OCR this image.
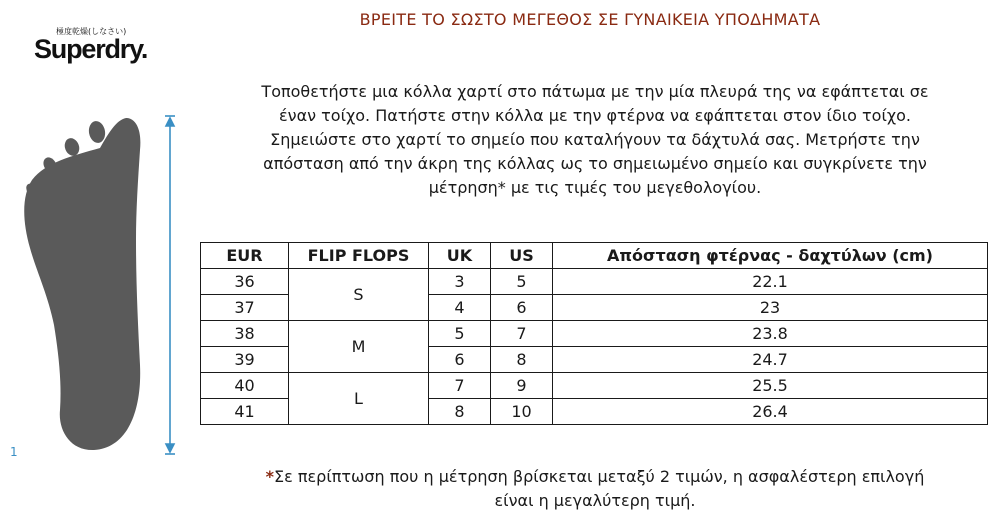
ΒΡΕΙΤΕ ΤΟ ΣΩΣΤΟ ΜΕΓΕΘΟΣ ΣΕ ΓΥΝΑΙΚΕΙΑ ΥΠΟΔΗΜΑΤΑ
極度乾燥(しなさい)
Superdry.
1
Τοποθετήστε μια κόλλα χαρτί στο πάτωμα με την μία πλευρά της να εφάπτεται σε
έναν τοίχο. Πατήστε στην κόλλα με την φτέρνα να εφάπτεται στον ίδιο τοίχο.
Σημειώστε στο χαρτί το σημείο που καταλήγουν τα δάχτυλά σας. Μετρήστε την
απόσταση από την άκρη της κόλλας ως το σημειωμένο σημείο και συγκρίνετε την
μέτρηση* με τις τιμές του μεγεθολογίου.
EUR	FLIP FLOPS	UK	US	Απόσταση φτέρνας - δαχτύλων (cm)
36	S	3	5	22.1
37		4	6	23
38	M	5	7	23.8
39		6	8	24.7
40	L	7	9	25.5
41		8	10	26.4
*Σε περίπτωση που η μέτρηση βρίσκεται μεταξύ 2 τιμών, η ασφαλέστερη επιλογή
είναι η μεγαλύτερη τιμή.
